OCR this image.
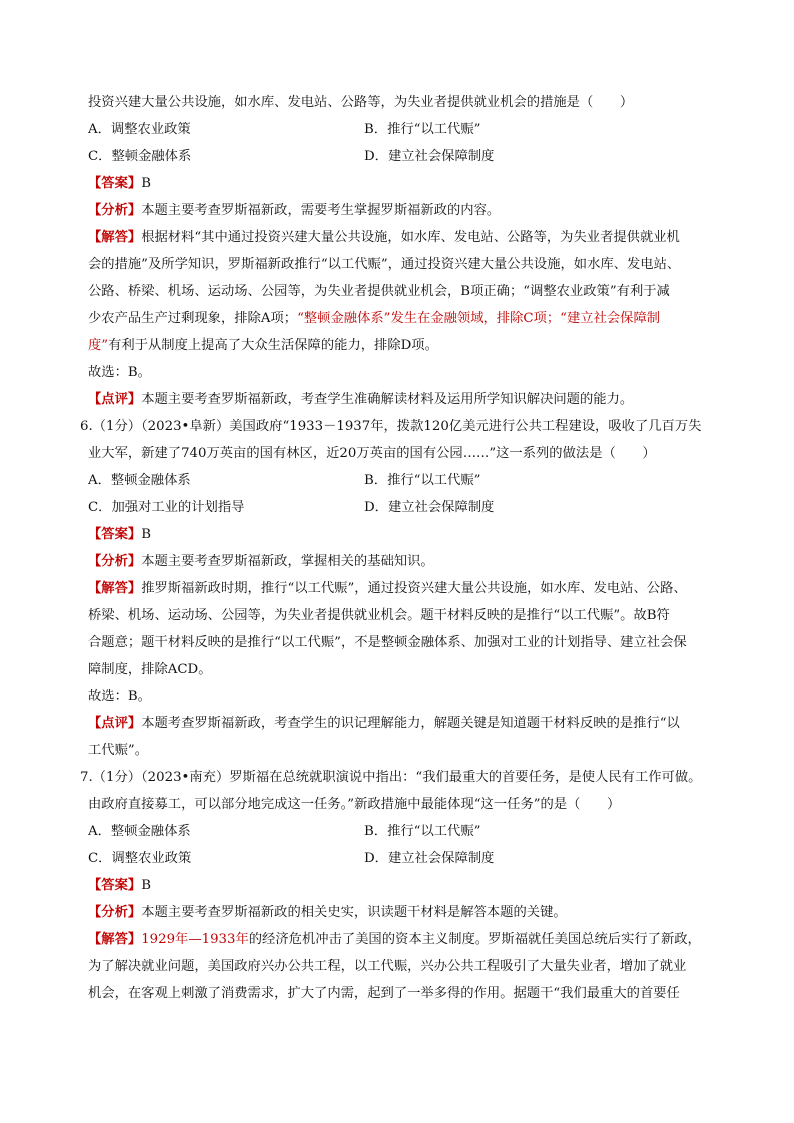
投资兴建大量公共设施，如水库、发电站、公路等，为失业者提供就业机会的措施是（　　）
A．调整农业政策	B．推行“以工代赈”
C．整顿金融体系	D．建立社会保障制度
【答案】B
【分析】本题主要考查罗斯福新政，需要考生掌握罗斯福新政的内容。
【解答】根据材料“其中通过投资兴建大量公共设施，如水库、发电站、公路等，为失业者提供就业机
会的措施”及所学知识，罗斯福新政推行“以工代赈”，通过投资兴建大量公共设施，如水库、发电站、
公路、桥梁、机场、运动场、公园等，为失业者提供就业机会，B项正确；“调整农业政策”有利于减
少农产品生产过剩现象，排除A项；“整顿金融体系”发生在金融领域，排除C项；“建立社会保障制
度”有利于从制度上提高了大众生活保障的能力，排除D项。
故选：B。
【点评】本题主要考查罗斯福新政，考查学生准确解读材料及运用所学知识解决问题的能力。
6.（1分）（2023•阜新）美国政府“1933－1937年，拨款120亿美元进行公共工程建设，吸收了几百万失
业大军，新建了740万英亩的国有林区，近20万英亩的国有公园……”这一系列的做法是（　　）
A．整顿金融体系	B．推行“以工代赈”
C．加强对工业的计划指导	D．建立社会保障制度
【答案】B
【分析】本题主要考查罗斯福新政，掌握相关的基础知识。
【解答】推罗斯福新政时期，推行“以工代赈”，通过投资兴建大量公共设施，如水库、发电站、公路、
桥梁、机场、运动场、公园等，为失业者提供就业机会。题干材料反映的是推行“以工代赈”。故B符
合题意；题干材料反映的是推行“以工代赈”，不是整顿金融体系、加强对工业的计划指导、建立社会保
障制度，排除ACD。
故选：B。
【点评】本题考查罗斯福新政，考查学生的识记理解能力，解题关键是知道题干材料反映的是推行“以
工代赈”。
7.（1分）（2023•南充）罗斯福在总统就职演说中指出：“我们最重大的首要任务，是使人民有工作可做。
由政府直接募工，可以部分地完成这一任务。”新政措施中最能体现“这一任务”的是（　　）
A．整顿金融体系	B．推行“以工代赈”
C．调整农业政策	D．建立社会保障制度
【答案】B
【分析】本题主要考查罗斯福新政的相关史实，识读题干材料是解答本题的关键。
【解答】1929年—1933年的经济危机冲击了美国的资本主义制度。罗斯福就任美国总统后实行了新政，
为了解决就业问题，美国政府兴办公共工程，以工代赈，兴办公共工程吸引了大量失业者，增加了就业
机会，在客观上刺激了消费需求，扩大了内需，起到了一举多得的作用。据题干“我们最重大的首要任
